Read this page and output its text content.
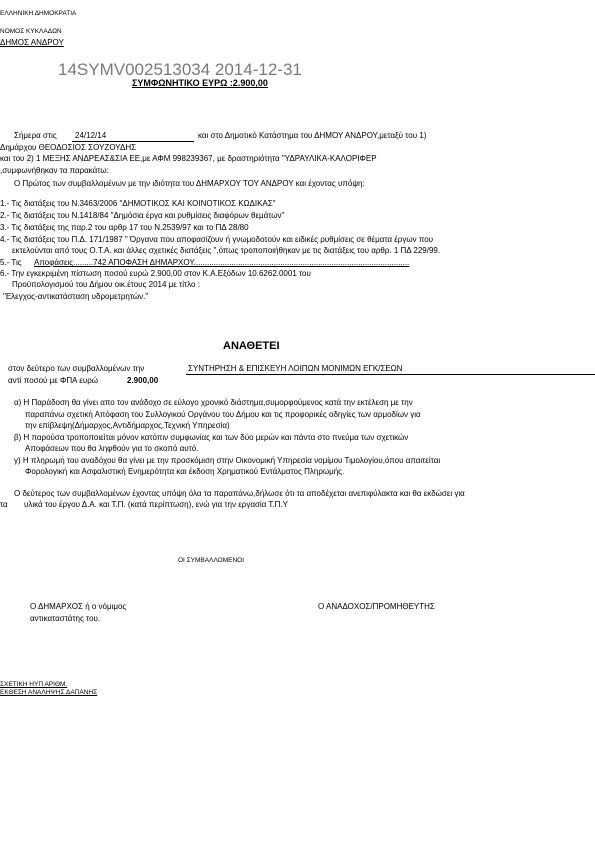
ΕΛΛΗΝΙΚΗ ΔΗΜΟΚΡΑΤΙΑ
ΝΟΜΟΣ ΚΥΚΛΑΔΩΝ
ΔΗΜΟΣ ΑΝΔΡΟΥ
14SYMV002513034 2014-12-31
ΣΥΜΦΩΝΗΤΙΚΟ ΕΥΡΩ :2.900,00
Σήμερα στις 24/12/14	και στο Δημοτικό Κατάστημα του ΔΗΜΟΥ ΑΝΔΡΟΥ,μεταξύ του 1)
Δημάρχου ΘΕΟΔΟΣΙΟΣ ΣΟΥΖΟΥΔΗΣ
και του 2) 1 ΜΕΞΗΣ ΑΝΔΡΕΑΣ&ΣΙΑ ΕΕ,με ΑΦΜ 998239367, με δραστηριότητα "ΥΔΡΑΥΛΙΚΑ-ΚΑΛΟΡΙΦΕΡ
,συμφωνήθηκαν τα παρακάτω:
Ο Πρώτος των συμβαλλομένων με την ιδιότητα του ΔΗΜΑΡΧΟΥ ΤΟΥ ΑΝΔΡΟΥ και έχοντας υπόψη:
1.- Τις διατάξεις του Ν.3463/2006 "ΔΗΜΟΤΙΚΟΣ ΚΑΙ ΚΟΙΝΟΤΙΚΟΣ ΚΩΔΙΚΑΣ"
2.- Τις διατάξεις του Ν.1418/84 "Δημόσια έργα και ρυθμίσεις διαφόρων θεμάτων"
3.- Τις διατάξεις της παρ.2 του αρθρ 17 του Ν.2539/97 και το ΠΔ 28/80
4.- Τις διατάξεις του Π.Δ. 171/1987 " Όργανα που αποφασίζουν ή γνωμοδοτούν και ειδικές ρυθμίσεις σε θέματα έργων που
εκτελούνται από τους Ο.Τ.Α. και άλλες σχετικές διατάξεις ",όπως τροποποιήθηκαν με τις διατάξεις του αρθρ. 1 ΠΔ 229/99.
5.- Τις Αποφάσεις.........742 ΑΠΟΦΑΣΗ ΔΗΜΑΡΧΟΥ.................................................................................................
6.- Την εγκεκριμένη πίστωση ποσού ευρώ 2.900,00 στον Κ.Α.Εξόδων 10.6262.0001 του
Προϋπολογισμού του Δήμου οικ.έτους 2014 με τίτλο :
"Ελεγχος-αντικατάσταση υδρομετρητών."
ΑΝΑΘΕΤΕΙ
στον δεύτερο των συμβαλλομένων την	ΣΥΝΤΗΡΗΣΗ & ΕΠΙΣΚΕΥΗ ΛΟΙΠΩΝ ΜΟΝΙΜΩΝ ΕΓΚ/ΣΕΩΝ
αντί ποσού με ΦΠΑ ευρώ	2.900,00
α) Η Παράδοση θα γίνει απο τον ανάδοχο σε εύλογο χρονικό διάστημα,συμορφούμενος κατά την εκτέλεση με την
παραπάνω σχετική Απόφαση του Συλλογικού Οργάνου του Δήμου και τις προφορικές οδηγίες των αρμοδίων για
την επίβλεψη(Δήμαρχος,Αντιδήμαρχος,Τεχνική Υπηρεσία)
β) Η παρούσα τροποποιείται μόνον κατόπιν συμφωνίας και των δύο μερών και πάντα στο πνεύμα των σχετικών
Αποφάσεων που θα ληφθούν για το σκοπό αυτό.
γ) Η πληρωμή του αναδόχου θα γίνει με την προσκόμιση στην Οικονομική Υπηρεσία νομίμου Τιμολογίου,όπου απαιτείται
Φορολογική και Ασφαλιστική Ενημερότητα και έκδοση Χρηματικού Εντάλματος Πληρωμής.
Ο δεύτερος των συμβαλλομένων έχοντας υπόψη όλα τα παραπάνω,δήλωσε ότι τα αποδέχεται ανεπιφύλακτα και θα εκδώσει για
τα υλικά του έργου Δ.Α. και Τ.Π. (κατά περίπτωση), ενώ για την εργασία Τ.Π.Υ
ΟΙ ΣΥΜΒΑΛΛΟΜΕΝΟΙ
Ο ΔΗΜΑΡΧΟΣ ή ο νόμιμος
αντικαταστάτης του.
Ο ΑΝΑΔΟΧΟΣ/ΠΡΟΜΗΘΕΥΤΗΣ
ΣΧΕΤΙΚΗ ΗΥΠ ΑΡΙΘΜ.
ΕΚΘΕΣΗ ΑΝΑΛΗΨΗΣ ΔΑΠΑΝΗΣ
